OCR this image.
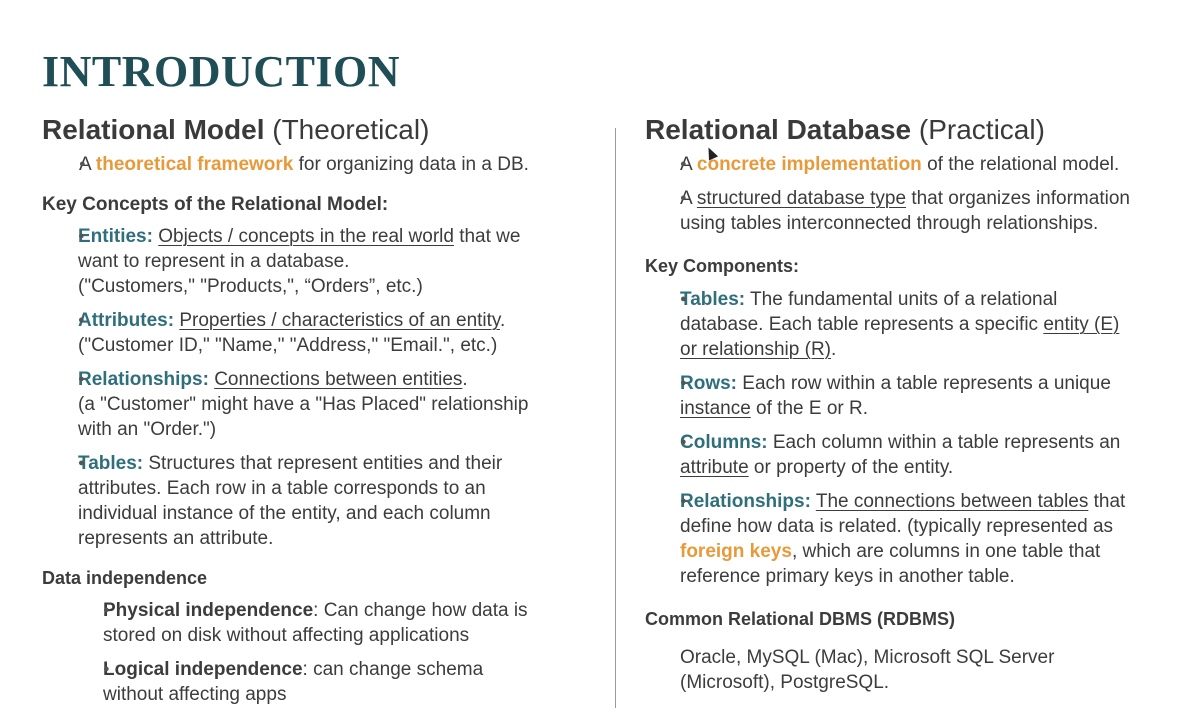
INTRODUCTION
Relational Model (Theoretical)
● A theoretical framework for organizing data in a DB.

Key Concepts of the Relational Model:

● Entities: Objects / concepts in the real world that we
want to represent in a database.
("Customers," "Products,", “Orders”, etc.)
● Attributes: Properties / characteristics of an entity.
("Customer ID," "Name," "Address," "Email.", etc.)
● Relationships: Connections between entities.
(a "Customer" might have a "Has Placed" relationship
with an "Order.")
● Tables: Structures that represent entities and their
attributes. Each row in a table corresponds to an
individual instance of the entity, and each column
represents an attribute.

Data independence

● Physical independence: Can change how data is
stored on disk without affecting applications
● Logical independence: can change schema
without affecting apps
Relational Database (Practical)
● A concrete implementation of the relational model.
● A structured database type that organizes information
using tables interconnected through relationships.

Key Components:

● Tables: The fundamental units of a relational
database. Each table represents a specific entity (E)
or relationship (R).
● Rows: Each row within a table represents a unique
instance of the E or R.
● Columns: Each column within a table represents an
attribute or property of the entity.
● Relationships: The connections between tables that
define how data is related. (typically represented as
foreign keys, which are columns in one table that
reference primary keys in another table.

Common Relational DBMS (RDBMS)

Oracle, MySQL (Mac), Microsoft SQL Server
(Microsoft), PostgreSQL.
